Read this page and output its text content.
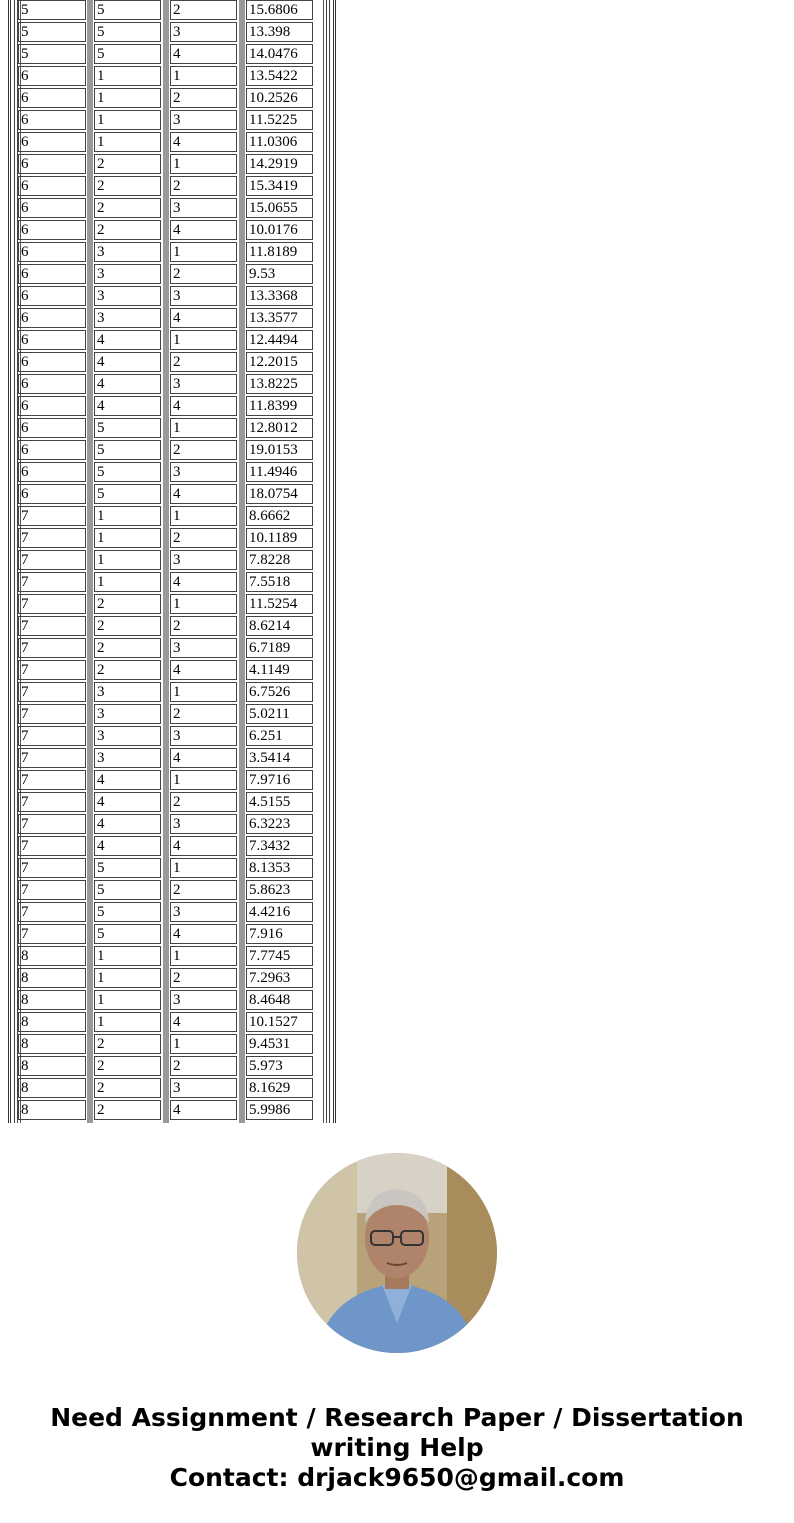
5	5	2	15.6806
5	5	3	13.398
5	5	4	14.0476
6	1	1	13.5422
6	1	2	10.2526
6	1	3	11.5225
6	1	4	11.0306
6	2	1	14.2919
6	2	2	15.3419
6	2	3	15.0655
6	2	4	10.0176
6	3	1	11.8189
6	3	2	9.53
6	3	3	13.3368
6	3	4	13.3577
6	4	1	12.4494
6	4	2	12.2015
6	4	3	13.8225
6	4	4	11.8399
6	5	1	12.8012
6	5	2	19.0153
6	5	3	11.4946
6	5	4	18.0754
7	1	1	8.6662
7	1	2	10.1189
7	1	3	7.8228
7	1	4	7.5518
7	2	1	11.5254
7	2	2	8.6214
7	2	3	6.7189
7	2	4	4.1149
7	3	1	6.7526
7	3	2	5.0211
7	3	3	6.251
7	3	4	3.5414
7	4	1	7.9716
7	4	2	4.5155
7	4	3	6.3223
7	4	4	7.3432
7	5	1	8.1353
7	5	2	5.8623
7	5	3	4.4216
7	5	4	7.916
8	1	1	7.7745
8	1	2	7.2963
8	1	3	8.4648
8	1	4	10.1527
8	2	1	9.4531
8	2	2	5.973
8	2	3	8.1629
8	2	4	5.9986
Need Assignment / Research Paper / Dissertation
writing Help
Contact: drjack9650@gmail.com
